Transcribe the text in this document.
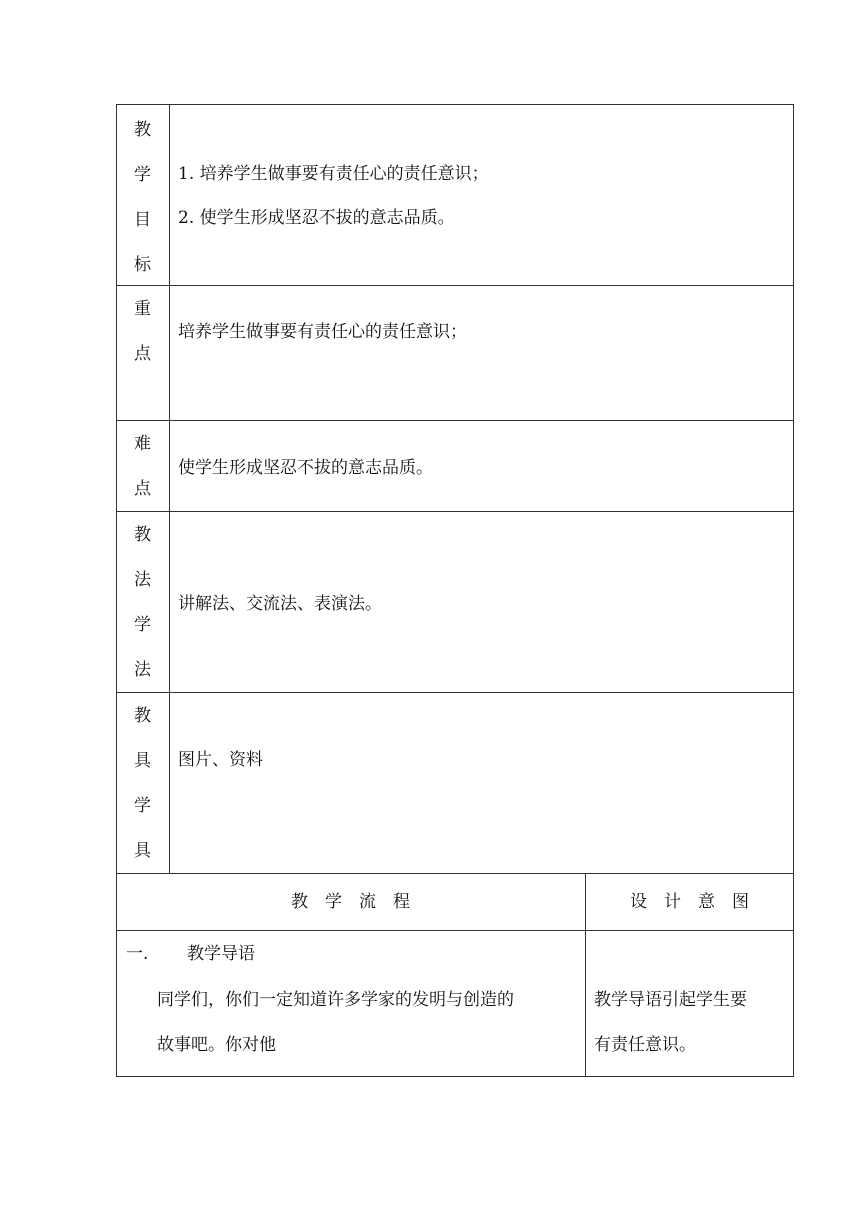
教
学
目
标
1. 培养学生做事要有责任心的责任意识；
2. 使学生形成坚忍不拔的意志品质。
重
点
培养学生做事要有责任心的责任意识；
难
点
使学生形成坚忍不拔的意志品质。
教
法
学
法
讲解法、交流法、表演法。
教
具
学
具
图片、资料
教　学　流　程	设　计　意　图
一. 教学导语
同学们，你们一定知道许多学家的发明与创造的
故事吧。你对他
教学导语引起学生要
有责任意识。
